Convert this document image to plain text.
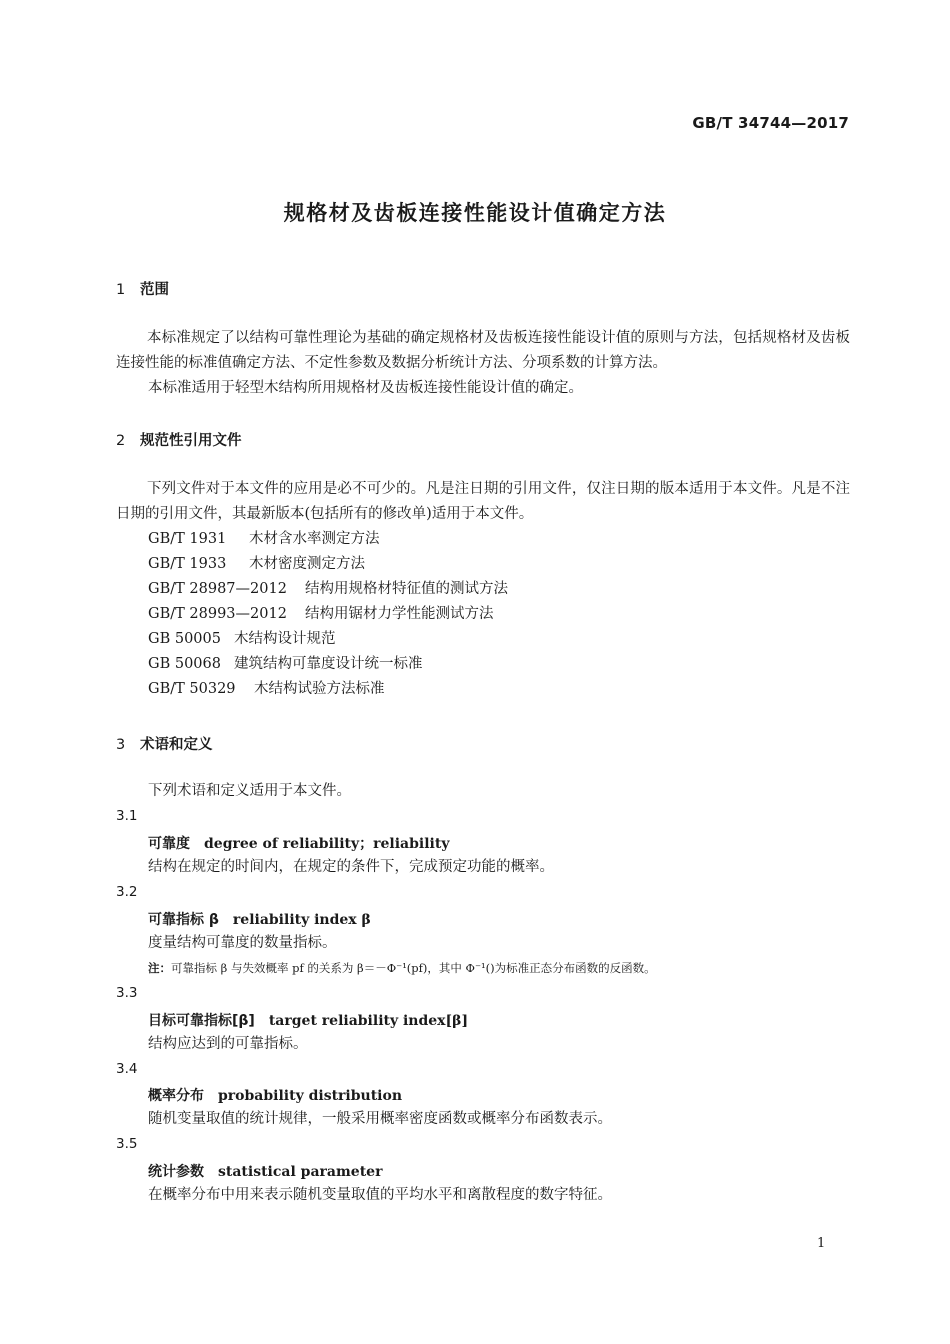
GB/T 34744—2017
规格材及齿板连接性能设计值确定方法
1 范围
本标准规定了以结构可靠性理论为基础的确定规格材及齿板连接性能设计值的原则与方法，包括规格材及齿板连接性能的标准值确定方法、不定性参数及数据分析统计方法、分项系数的计算方法。
本标准适用于轻型木结构所用规格材及齿板连接性能设计值的确定。
2 规范性引用文件
下列文件对于本文件的应用是必不可少的。凡是注日期的引用文件，仅注日期的版本适用于本文件。凡是不注日期的引用文件，其最新版本(包括所有的修改单)适用于本文件。
GB/T 1931 木材含水率测定方法
GB/T 1933 木材密度测定方法
GB/T 28987—2012 结构用规格材特征值的测试方法
GB/T 28993—2012 结构用锯材力学性能测试方法
GB 50005 木结构设计规范
GB 50068 建筑结构可靠度设计统一标准
GB/T 50329 木结构试验方法标准
3 术语和定义
下列术语和定义适用于本文件。
3.1
可靠度 degree of reliability；reliability
结构在规定的时间内，在规定的条件下，完成预定功能的概率。
3.2
可靠指标 β reliability index β
度量结构可靠度的数量指标。
注：可靠指标 β 与失效概率 pf 的关系为 β＝－Φ⁻¹(pf)，其中 Φ⁻¹()为标准正态分布函数的反函数。
3.3
目标可靠指标[β] target reliability index[β]
结构应达到的可靠指标。
3.4
概率分布 probability distribution
随机变量取值的统计规律，一般采用概率密度函数或概率分布函数表示。
3.5
统计参数 statistical parameter
在概率分布中用来表示随机变量取值的平均水平和离散程度的数字特征。
1
